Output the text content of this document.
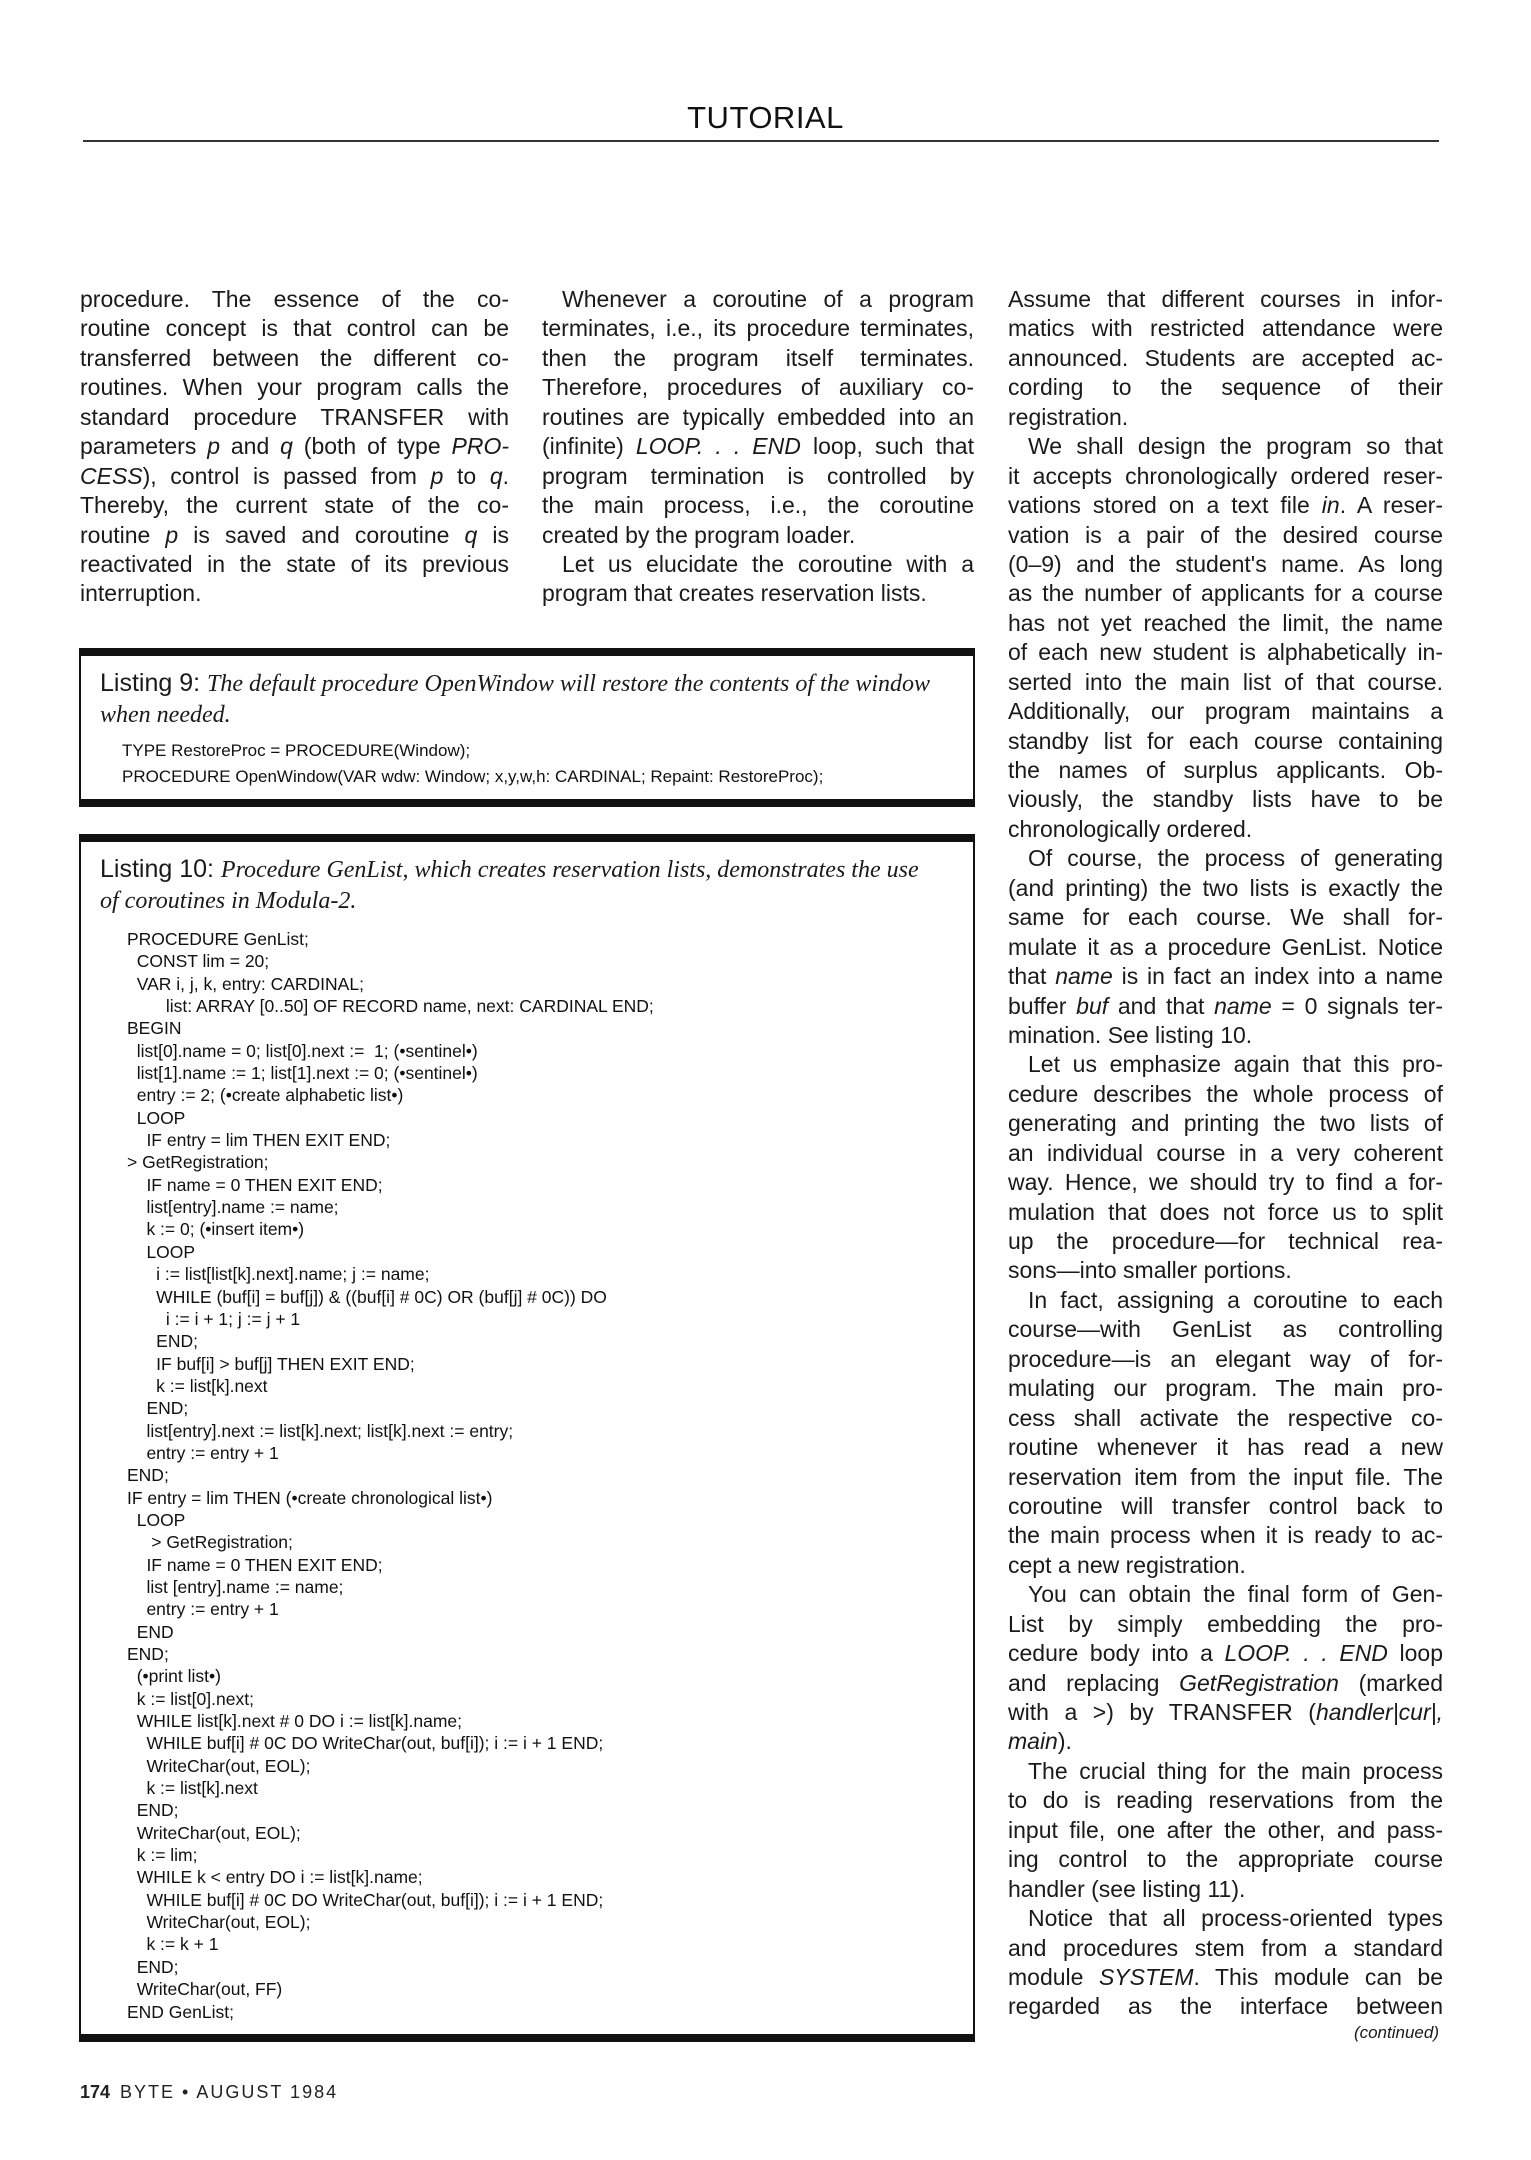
TUTORIAL
procedure. The essence of the co-
routine concept is that control can be
transferred between the different co-
routines. When your program calls the
standard procedure TRANSFER with
parameters p and q (both of type PRO-
CESS), control is passed from p to q.
Thereby, the current state of the co-
routine p is saved and coroutine q is
reactivated in the state of its previous
interruption.
Whenever a coroutine of a program
terminates, i.e., its procedure terminates,
then the program itself terminates.
Therefore, procedures of auxiliary co-
routines are typically embedded into an
(infinite) LOOP. . . END loop, such that
program termination is controlled by
the main process, i.e., the coroutine
created by the program loader.
Let us elucidate the coroutine with a
program that creates reservation lists.
Assume that different courses in infor-
matics with restricted attendance were
announced. Students are accepted ac-
cording to the sequence of their
registration.
We shall design the program so that
it accepts chronologically ordered reser-
vations stored on a text file in. A reser-
vation is a pair of the desired course
(0–9) and the student's name. As long
as the number of applicants for a course
has not yet reached the limit, the name
of each new student is alphabetically in-
serted into the main list of that course.
Additionally, our program maintains a
standby list for each course containing
the names of surplus applicants. Ob-
viously, the standby lists have to be
chronologically ordered.
Of course, the process of generating
(and printing) the two lists is exactly the
same for each course. We shall for-
mulate it as a procedure GenList. Notice
that name is in fact an index into a name
buffer buf and that name = 0 signals ter-
mination. See listing 10.
Let us emphasize again that this pro-
cedure describes the whole process of
generating and printing the two lists of
an individual course in a very coherent
way. Hence, we should try to find a for-
mulation that does not force us to split
up the procedure—for technical rea-
sons—into smaller portions.
In fact, assigning a coroutine to each
course—with GenList as controlling
procedure—is an elegant way of for-
mulating our program. The main pro-
cess shall activate the respective co-
routine whenever it has read a new
reservation item from the input file. The
coroutine will transfer control back to
the main process when it is ready to ac-
cept a new registration.
You can obtain the final form of Gen-
List by simply embedding the pro-
cedure body into a LOOP. . . END loop
and replacing GetRegistration (marked
with a >) by TRANSFER (handler|cur|,
main).
The crucial thing for the main process
to do is reading reservations from the
input file, one after the other, and pass-
ing control to the appropriate course
handler (see listing 11).
Notice that all process-oriented types
and procedures stem from a standard
module SYSTEM. This module can be
regarded as the interface between
(continued)
Listing 9: The default procedure OpenWindow will restore the contents of the window when needed.
TYPE RestoreProc = PROCEDURE(Window);
PROCEDURE OpenWindow(VAR wdw: Window; x,y,w,h: CARDINAL; Repaint: RestoreProc);
Listing 10: Procedure GenList, which creates reservation lists, demonstrates the use of coroutines in Modula-2.
PROCEDURE GenList;
CONST lim = 20;
VAR i, j, k, entry: CARDINAL;
list: ARRAY [0..50] OF RECORD name, next: CARDINAL END;
BEGIN
list[0].name = 0; list[0].next :=  1; (•sentinel•)
list[1].name := 1; list[1].next := 0; (•sentinel•)
entry := 2; (•create alphabetic list•)
LOOP
IF entry = lim THEN EXIT END;
> GetRegistration;
IF name = 0 THEN EXIT END;
list[entry].name := name;
k := 0; (•insert item•)
LOOP
i := list[list[k].next].name; j := name;
WHILE (buf[i] = buf[j]) & ((buf[i] # 0C) OR (buf[j] # 0C)) DO
i := i + 1; j := j + 1
END;
IF buf[i] > buf[j] THEN EXIT END;
k := list[k].next
END;
list[entry].next := list[k].next; list[k].next := entry;
entry := entry + 1
END;
IF entry = lim THEN (•create chronological list•)
LOOP
> GetRegistration;
IF name = 0 THEN EXIT END;
list [entry].name := name;
entry := entry + 1
END
END;
(•print list•)
k := list[0].next;
WHILE list[k].next # 0 DO i := list[k].name;
WHILE buf[i] # 0C DO WriteChar(out, buf[i]); i := i + 1 END;
WriteChar(out, EOL);
k := list[k].next
END;
WriteChar(out, EOL);
k := lim;
WHILE k < entry DO i := list[k].name;
WHILE buf[i] # 0C DO WriteChar(out, buf[i]); i := i + 1 END;
WriteChar(out, EOL);
k := k + 1
END;
WriteChar(out, FF)
END GenList;
174 BYTE • AUGUST 1984
